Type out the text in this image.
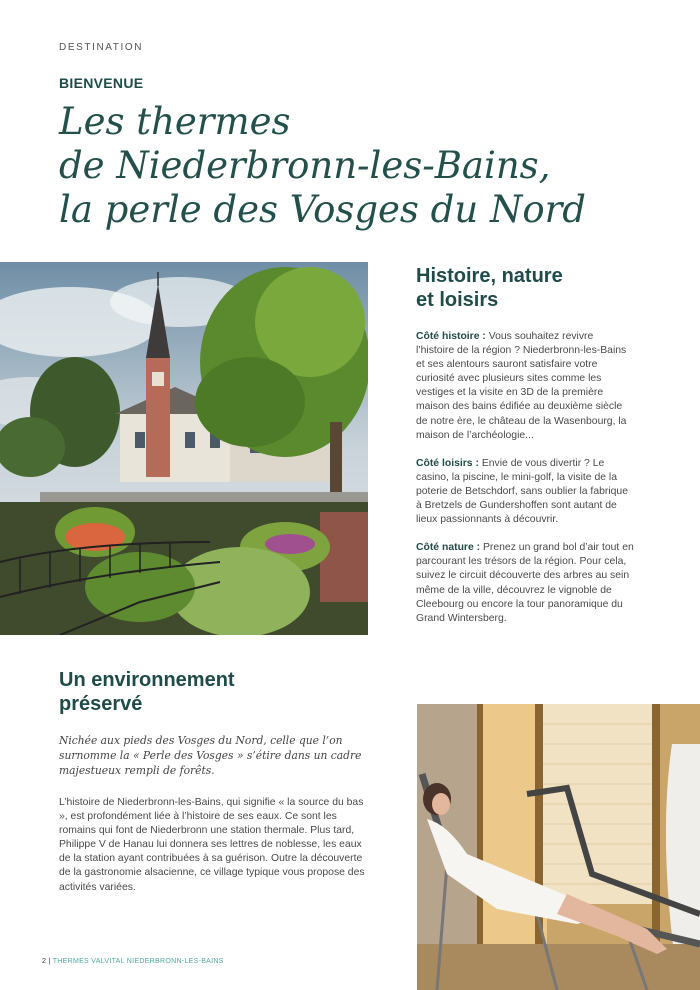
DESTINATION
BIENVENUE
Les thermes
de Niederbronn-les-Bains,
la perle des Vosges du Nord
Histoire, nature
et loisirs

Côté histoire : Vous souhaitez revivre l’histoire de la région ? Niederbronn-les-Bains et ses alentours sauront satisfaire votre curiosité avec plusieurs sites comme les vestiges et la visite en 3D de la première maison des bains édifiée au deuxième siècle de notre ère, le château de la Wasenbourg, la maison de l’archéologie...

Côté loisirs : Envie de vous divertir ? Le casino, la piscine, le mini-golf, la visite de la poterie de Betschdorf, sans oublier la fabrique à Bretzels de Gundershoffen sont autant de lieux passionnants à découvrir.

Côté nature : Prenez un grand bol d’air tout en parcourant les trésors de la région. Pour cela, suivez le circuit découverte des arbres au sein même de la ville, découvrez le vignoble de Cleebourg ou encore la tour panoramique du Grand Wintersberg.

Un environnement
préservé

Nichée aux pieds des Vosges du Nord, celle que l’on surnomme la « Perle des Vosges » s’étire dans un cadre majestueux rempli de forêts.

L’histoire de Niederbronn-les-Bains, qui signifie « la source du bas », est profondément liée à l’histoire de ses eaux. Ce sont les romains qui font de Niederbronn une station thermale. Plus tard, Philippe V de Hanau lui donnera ses lettres de noblesse, les eaux de la station ayant contribuées à sa guérison. Outre la découverte de la gastronomie alsacienne, ce village typique vous propose des activités variées.

2 | THERMES VALVITAL NIEDERBRONN-LES-BAINS
